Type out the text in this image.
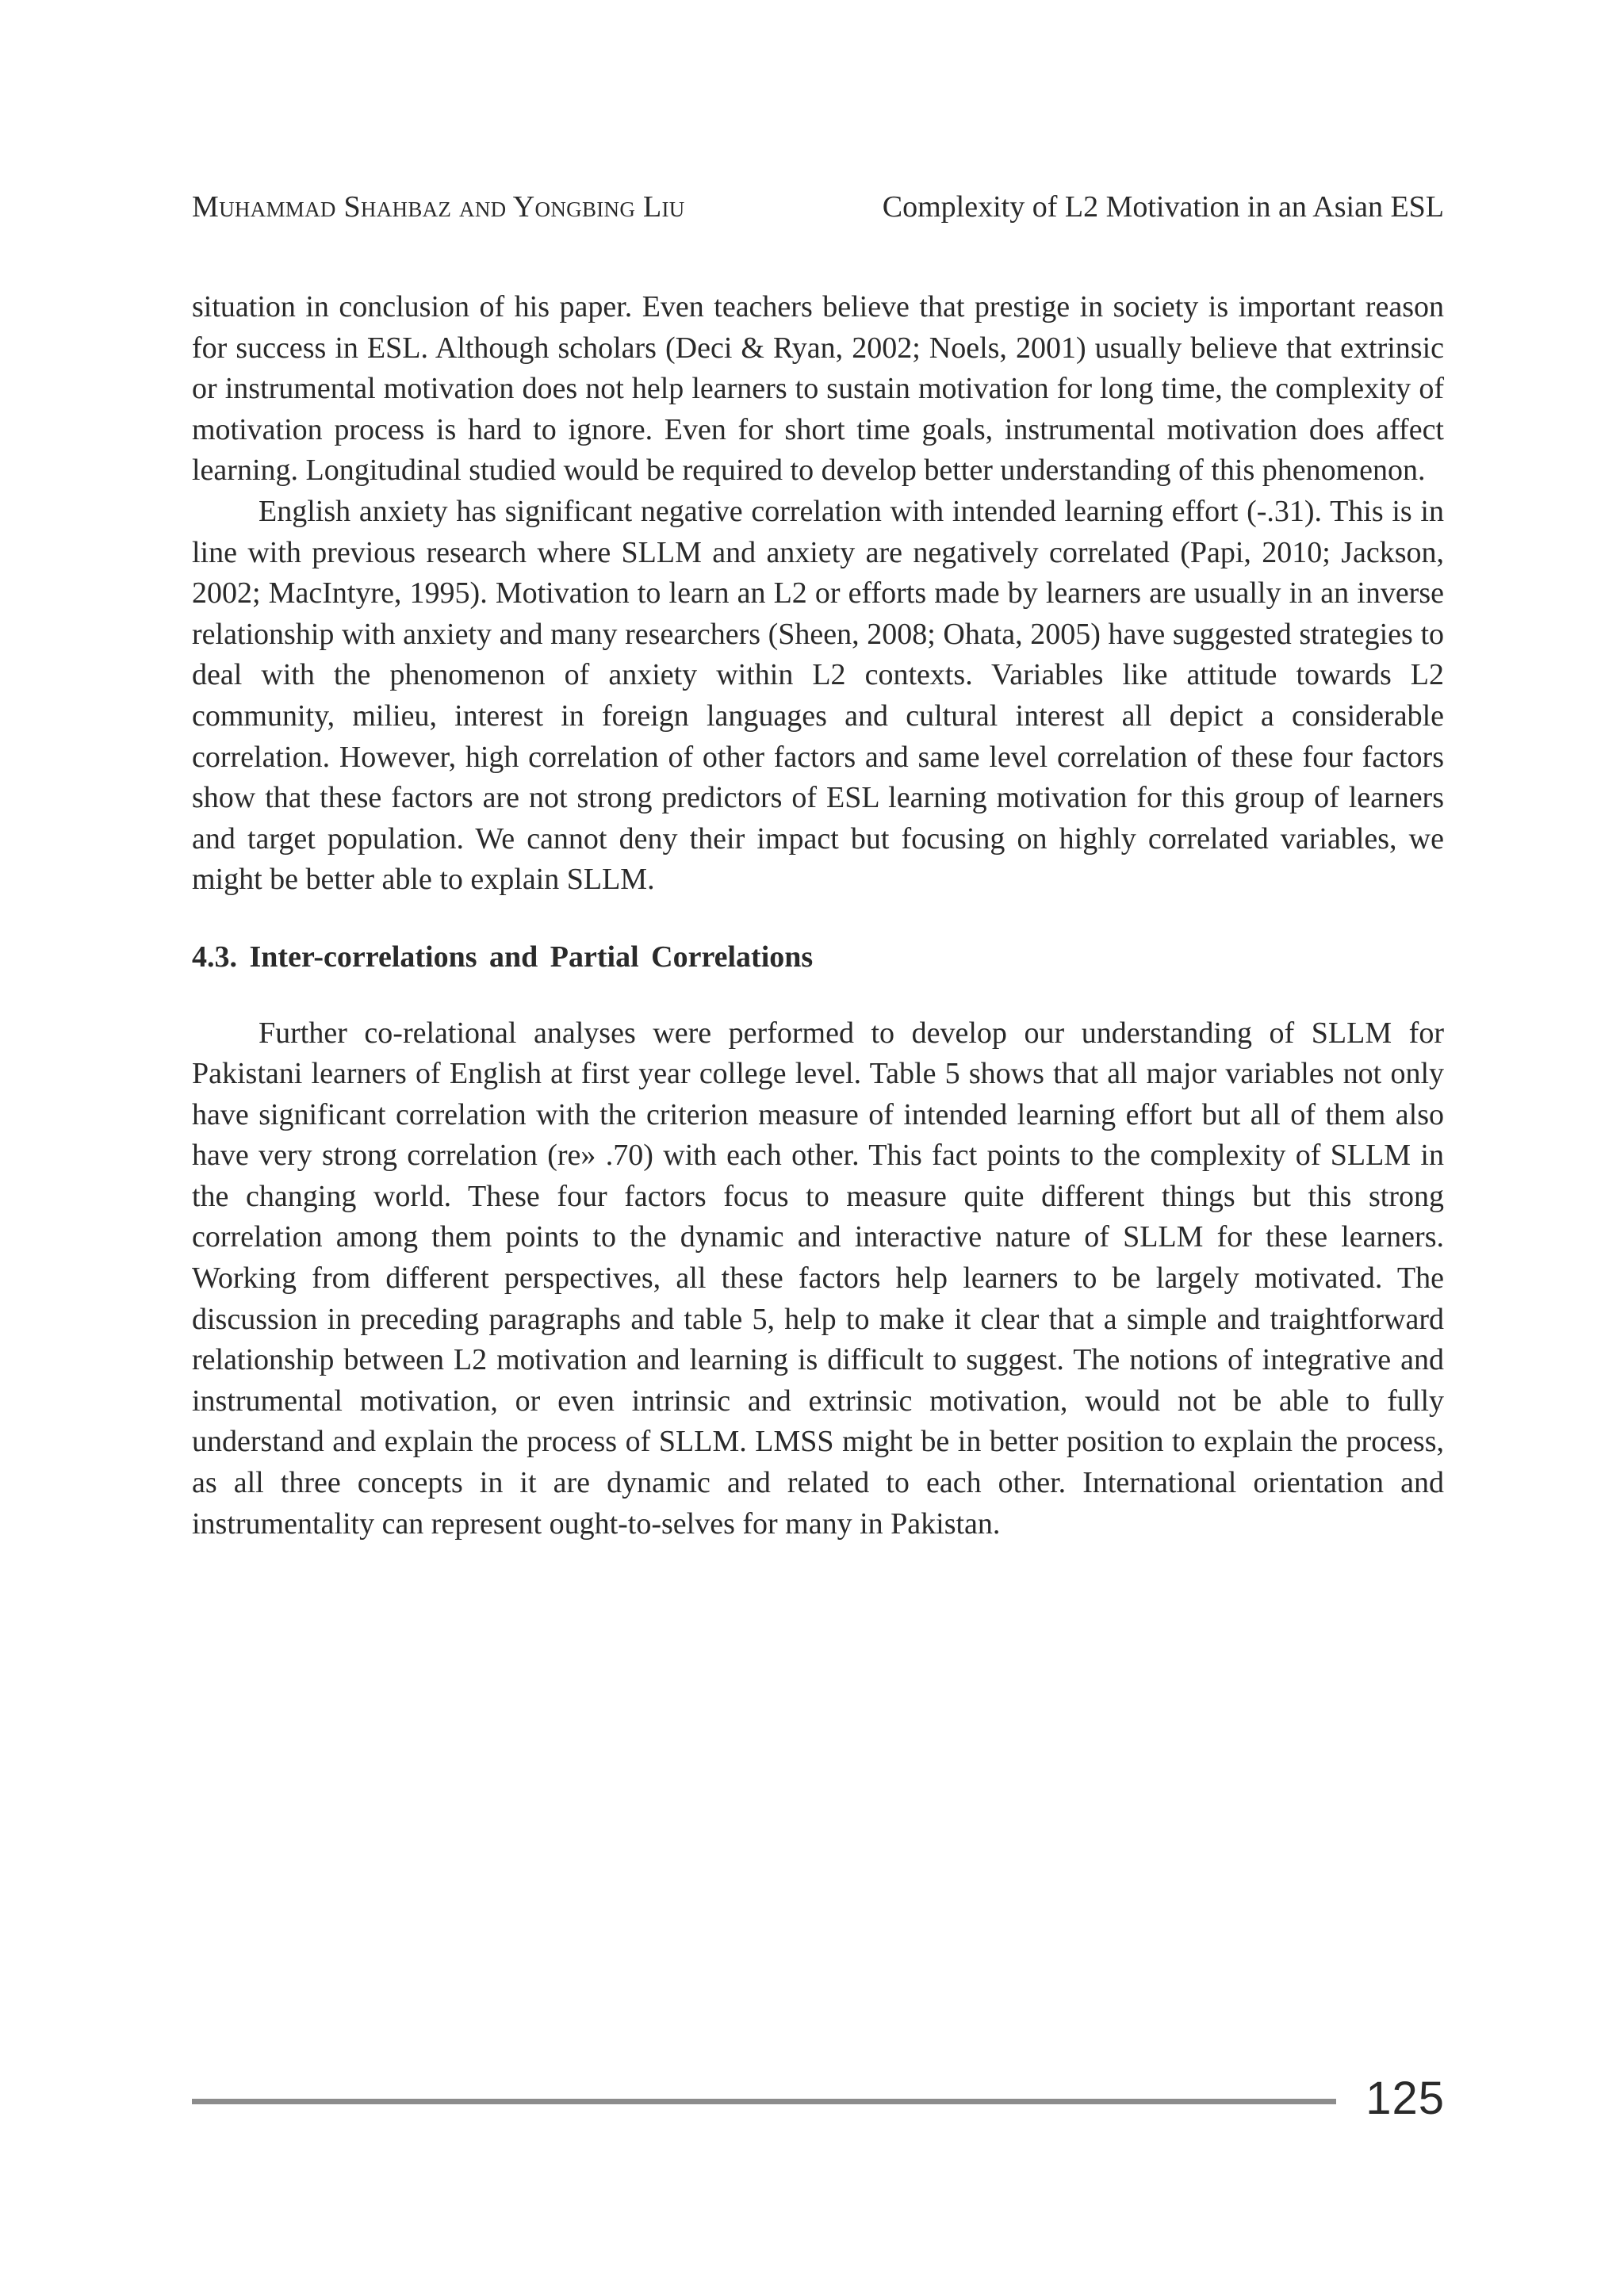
Muhammad Shahbaz and Yongbing Liu	Complexity of L2 Motivation in an Asian ESL

situation in conclusion of his paper. Even teachers believe that prestige in society is important reason for success in ESL. Although scholars (Deci & Ryan, 2002; Noels, 2001) usually believe that extrinsic or instrumental motivation does not help learners to sustain motivation for long time, the complexity of motivation process is hard to ignore. Even for short time goals, instrumental motivation does affect learning. Longitudinal studied would be required to develop better understanding of this phenomenon.

English anxiety has significant negative correlation with intended learning effort (-.31). This is in line with previous research where SLLM and anxiety are negatively correlated (Papi, 2010; Jackson, 2002; MacIntyre, 1995). Motivation to learn an L2 or efforts made by learners are usually in an inverse relationship with anxiety and many researchers (Sheen, 2008; Ohata, 2005) have suggested strategies to deal with the phenomenon of anxiety within L2 contexts. Variables like attitude towards L2 community, milieu, interest in foreign languages and cultural interest all depict a considerable correlation. However, high correlation of other factors and same level correlation of these four factors show that these factors are not strong predictors of ESL learning motivation for this group of learners and target population. We cannot deny their impact but focusing on highly correlated variables, we might be better able to explain SLLM.

4.3. Inter-correlations and Partial Correlations

Further co-relational analyses were performed to develop our understanding of SLLM for Pakistani learners of English at first year college level. Table 5 shows that all major variables not only have significant correlation with the criterion measure of intended learning effort but all of them also have very strong correlation (re» .70) with each other. This fact points to the complexity of SLLM in the changing world. These four factors focus to measure quite different things but this strong correlation among them points to the dynamic and interactive nature of SLLM for these learners. Working from different perspectives, all these factors help learners to be largely motivated. The discussion in preceding paragraphs and table 5, help to make it clear that a simple and traightforward relationship between L2 motivation and learning is difficult to suggest. The notions of integrative and instrumental motivation, or even intrinsic and extrinsic motivation, would not be able to fully understand and explain the process of SLLM. LMSS might be in better position to explain the process, as all three concepts in it are dynamic and related to each other. International orientation and instrumentality can represent ought-to-selves for many in Pakistan.

125
